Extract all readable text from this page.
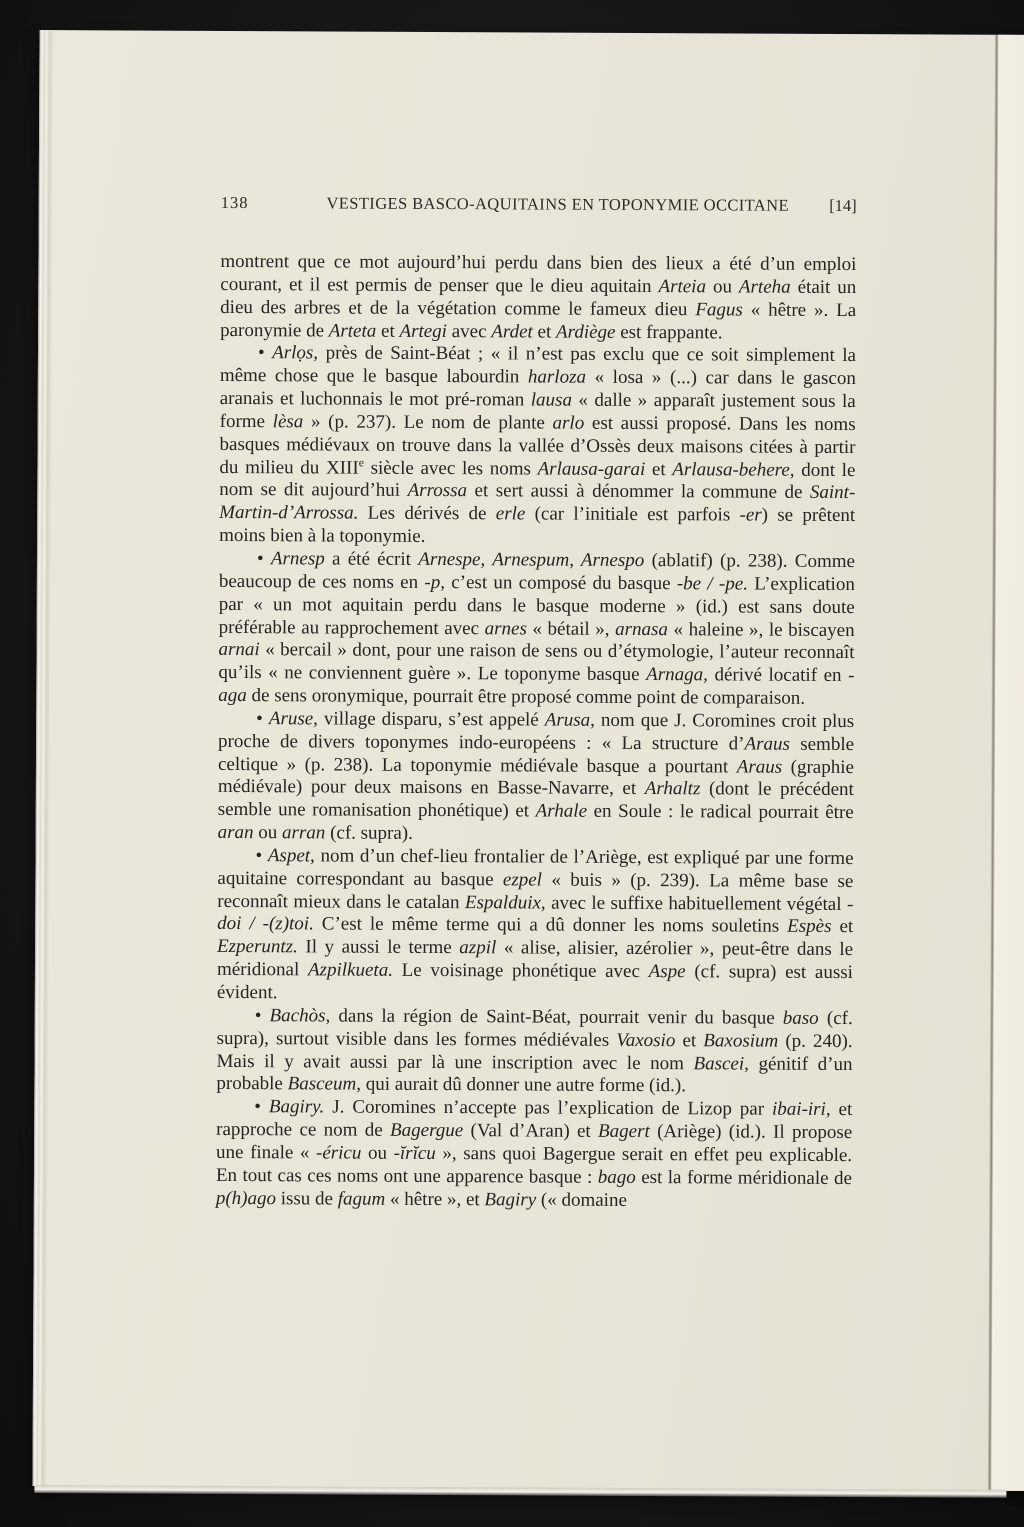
138	VESTIGES BASCO-AQUITAINS EN TOPONYMIE OCCITANE	[14]

montrent que ce mot aujourd’hui perdu dans bien des lieux a été d’un emploi courant, et il est permis de penser que le dieu aquitain Arteia ou Arteha était un dieu des arbres et de la végétation comme le fameux dieu Fagus « hêtre ». La paronymie de Arteta et Artegi avec Ardet et Ardiège est frappante.

• Arlọs, près de Saint-Béat ; « il n’est pas exclu que ce soit simplement la même chose que le basque labourdin harloza « losa » (...) car dans le gascon aranais et luchonnais le mot pré-roman lausa « dalle » apparaît justement sous la forme lèsa » (p. 237). Le nom de plante arlo est aussi proposé. Dans les noms basques médiévaux on trouve dans la vallée d’Ossès deux maisons citées à partir du milieu du XIIIe siècle avec les noms Arlausa-garai et Arlausa-behere, dont le nom se dit aujourd’hui Arrossa et sert aussi à dénommer la commune de Saint-Martin-d’Arrossa. Les dérivés de erle (car l’initiale est parfois -er) se prêtent moins bien à la toponymie.

• Arnesp a été écrit Arnespe, Arnespum, Arnespo (ablatif) (p. 238). Comme beaucoup de ces noms en -p, c’est un composé du basque -be / -pe. L’explication par « un mot aquitain perdu dans le basque moderne » (id.) est sans doute préférable au rapprochement avec arnes « bétail », arnasa « haleine », le biscayen arnai « bercail » dont, pour une raison de sens ou d’étymologie, l’auteur reconnaît qu’ils « ne conviennent guère ». Le toponyme basque Arnaga, dérivé locatif en -aga de sens oronymique, pourrait être proposé comme point de comparaison.

• Aruse, village disparu, s’est appelé Arusa, nom que J. Coromines croit plus proche de divers toponymes indo-européens : « La structure d’Araus semble celtique » (p. 238). La toponymie médiévale basque a pourtant Araus (graphie médiévale) pour deux maisons en Basse-Navarre, et Arhaltz (dont le précédent semble une romanisation phonétique) et Arhale en Soule : le radical pourrait être aran ou arran (cf. supra).

• Aspet, nom d’un chef-lieu frontalier de l’Ariège, est expliqué par une forme aquitaine correspondant au basque ezpel « buis » (p. 239). La même base se reconnaît mieux dans le catalan Espalduix, avec le suffixe habituellement végétal -doi / -(z)toi. C’est le même terme qui a dû donner les noms souletins Espès et Ezperuntz. Il y aussi le terme azpil « alise, alisier, azérolier », peut-être dans le méridional Azpilkueta. Le voisinage phonétique avec Aspe (cf. supra) est aussi évident.

• Bachòs, dans la région de Saint-Béat, pourrait venir du basque baso (cf. supra), surtout visible dans les formes médiévales Vaxosio et Baxosium (p. 240). Mais il y avait aussi par là une inscription avec le nom Bascei, génitif d’un probable Basceum, qui aurait dû donner une autre forme (id.).

• Bagiry. J. Coromines n’accepte pas l’explication de Lizop par ibai-iri, et rapproche ce nom de Bagergue (Val d’Aran) et Bagert (Ariège) (id.). Il propose une finale « -éricu ou -ĭrĭcu », sans quoi Bagergue serait en effet peu explicable. En tout cas ces noms ont une apparence basque : bago est la forme méridionale de p(h)ago issu de fagum « hêtre », et Bagiry (« domaine
